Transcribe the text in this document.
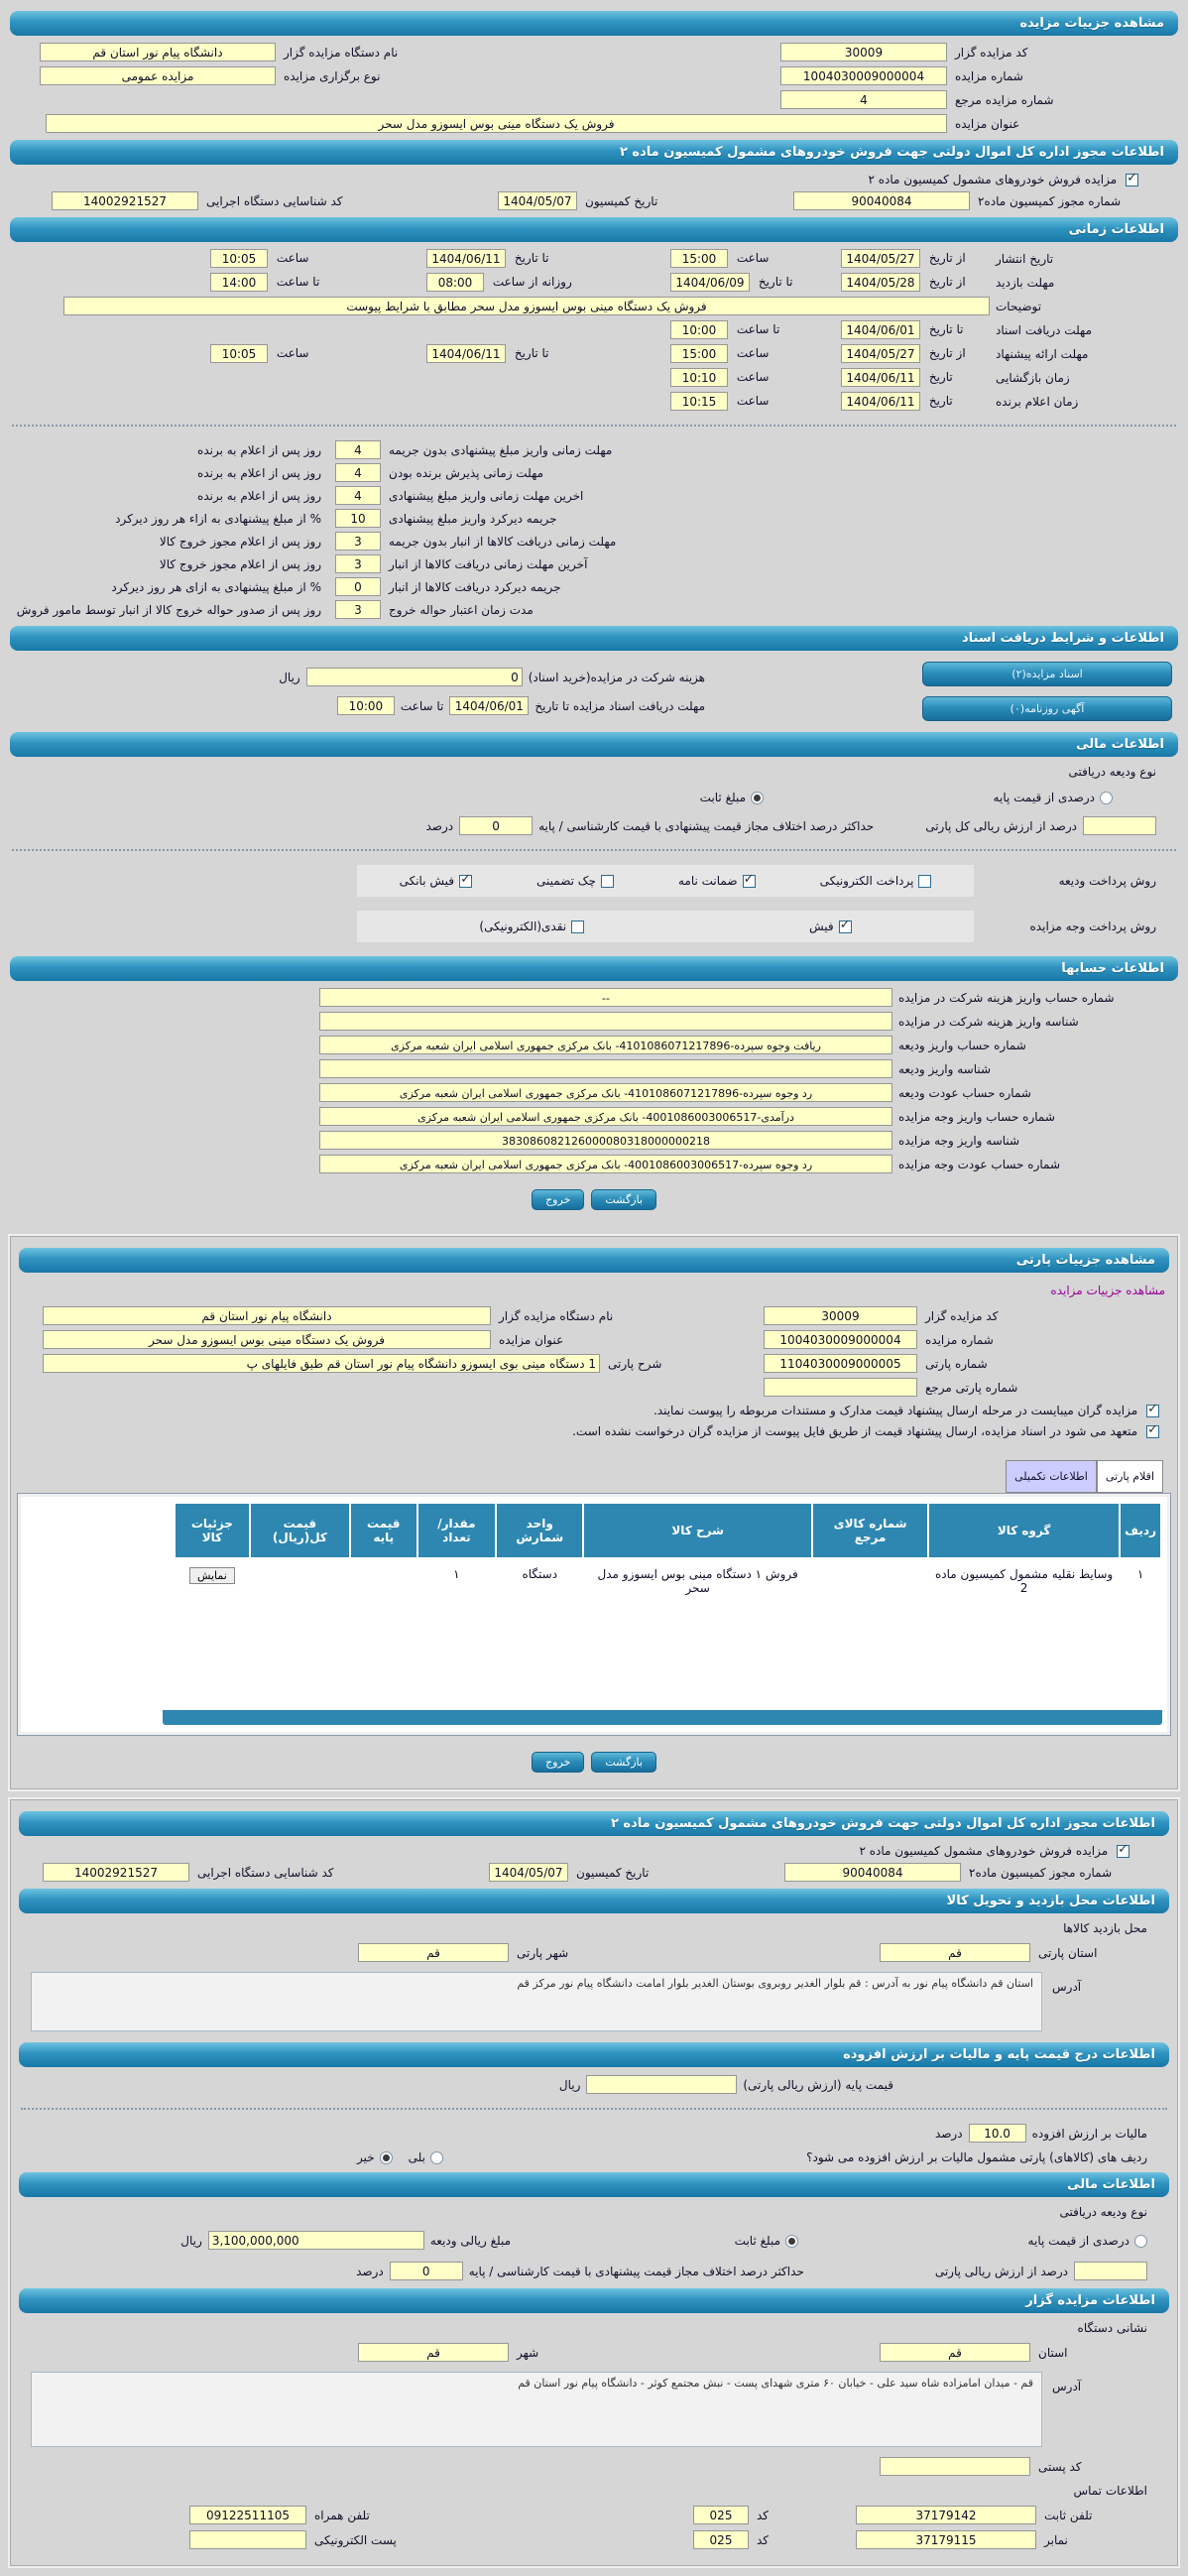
مشاهده جزییات مزایده
کد مزایده گزار
30009
نام دستگاه مزایده گزار
دانشگاه پیام نور استان قم
شماره مزایده
1004030009000004
نوع برگزاری مزایده
مزایده عمومی
شماره مزایده مرجع
4
عنوان مزایده
فروش یک دستگاه مینی بوس ایسوزو مدل سحر
اطلاعات مجوز اداره کل اموال دولتی جهت فروش خودروهای مشمول کمیسیون ماده ۲
✓ مزایده فروش خودروهای مشمول کمیسیون ماده ۲
شماره مجوز کمیسیون ماده۲
90040084
تاریخ کمیسیون
1404/05/07
کد شناسایی دستگاه اجرایی
14002921527
اطلاعات زمانی
تاریخ انتشار
از تاریخ 1404/05/27
ساعت 15:00
تا تاریخ 1404/06/11
ساعت 10:05
مهلت بازدید
از تاریخ 1404/05/28
تا تاریخ 1404/06/09
روزانه از ساعت 08:00
تا ساعت 14:00
توضیحات
فروش یک دستگاه مینی بوس ایسوزو مدل سحر مطابق با شرایط پیوست
مهلت دریافت اسناد
تا تاریخ 1404/06/01
تا ساعت 10:00
مهلت ارائه پیشنهاد
از تاریخ 1404/05/27
ساعت 15:00
تا تاریخ 1404/06/11
ساعت 10:05
زمان بازگشایی
تاریخ 1404/06/11
ساعت 10:10
زمان اعلام برنده
تاریخ 1404/06/11
ساعت 10:15
مهلت زمانی واریز مبلغ پیشنهادی بدون جریمه
4
روز پس از اعلام به برنده
مهلت زمانی پذیرش برنده بودن
4
روز پس از اعلام به برنده
اخرین مهلت زمانی واریز مبلغ پیشنهادی
4
روز پس از اعلام به برنده
جریمه دیرکرد واریز مبلغ پیشنهادی
10
% از مبلغ پیشنهادی به ازاء هر روز دیرکرد
مهلت زمانی دریافت کالاها از انبار بدون جریمه
3
روز پس از اعلام مجوز خروج کالا
آخرین مهلت زمانی دریافت کالاها از انبار
3
روز پس از اعلام مجوز خروج کالا
جریمه دیرکرد دریافت کالاها از انبار
0
% از مبلغ پیشنهادی به ازای هر روز دیرکرد
مدت زمان اعتبار حواله خروج
3
روز پس از صدور حواله خروج کالا از انبار توسط مامور فروش
اطلاعات و شرایط دریافت اسناد
اسناد مزایده(۲)
آگهی روزنامه(۰)
هزینه شرکت در مزایده(خرید اسناد)
0
ریال
مهلت دریافت اسناد مزایده تا تاریخ
1404/06/01
تا ساعت
10:00
اطلاعات مالی
نوع ودیعه دریافتی
درصدی از قیمت پایه
مبلغ ثابت
درصد از ارزش ریالی کل پارتی
حداکثر درصد اختلاف مجاز قیمت پیشنهادی با قیمت کارشناسی / پایه
0
درصد
روش پرداخت ودیعه
پرداخت الکترونیکی
✓ضمانت نامه
چک تضمینی
✓فیش بانکی
روش پرداخت وجه مزایده
✓فیش
نقدی(الکترونیکی)
اطلاعات حسابها
شماره حساب واریز هزینه شرکت در مزایده
--
شناسه واریز هزینه شرکت در مزایده
شماره حساب واریز ودیعه
ریافت وجوه سپرده-4101086071217896- بانک مرکزی جمهوری اسلامی ایران شعبه مرکزی
شناسه واریز ودیعه
شماره حساب عودت ودیعه
رد وجوه سپرده-4101086071217896- بانک مرکزی جمهوری اسلامی ایران شعبه مرکزی
شماره حساب واریز وجه مزایده
درآمدی-4001086003006517- بانک مرکزی جمهوری اسلامی ایران شعبه مرکزی
شناسه واریز وجه مزایده
383086082126000080318000000218
شماره حساب عودت وجه مزایده
رد وجوه سپرده-4001086003006517- بانک مرکزی جمهوری اسلامی ایران شعبه مرکزی
بازگشت
خروج
مشاهده جزییات پارتی
مشاهده جزییات مزایده
کد مزایده گزار
30009
نام دستگاه مزایده گزار
دانشگاه پیام نور استان قم
شماره مزایده
1004030009000004
عنوان مزایده
فروش یک دستگاه مینی بوس ایسوزو مدل سحر
شماره پارتی
1104030009000005
شرح پارتی
1 دستگاه مینی بوی ایسوزو دانشگاه پیام نور استان قم طبق فایلهای پ
شماره پارتی مرجع
✓ مزایده گران میبایست در مرحله ارسال پیشنهاد قیمت مدارک و مستندات مربوطه را پیوست نمایند.
✓ متعهد می شود در اسناد مزایده، ارسال پیشنهاد قیمت از طریق فایل پیوست از مزایده گران درخواست نشده است.
اقلام پارتی
اطلاعات تکمیلی
ردیف	گروه کالا	شماره کالای مرجع	شرح کالا	واحد شمارش	مقدار/ تعداد	قیمت پایه	قیمت کل(ریال)	جزئیات کالا
۱	وسایط نقلیه مشمول کمیسیون ماده 2		فروش ۱ دستگاه مینی بوس ایسوزو مدل سحر	دستگاه	۱			نمایش

بازگشت
خروج
اطلاعات مجوز اداره کل اموال دولتی جهت فروش خودروهای مشمول کمیسیون ماده ۲
✓ مزایده فروش خودروهای مشمول کمیسیون ماده ۲
شماره مجوز کمیسیون ماده۲
90040084
تاریخ کمیسیون
1404/05/07
کد شناسایی دستگاه اجرایی
14002921527
اطلاعات محل بازدید و تحویل کالا
محل بازدید کالاها
استان پارتی
قم
شهر پارتی
قم
آدرس
استان قم دانشگاه پیام نور به آدرس : قم بلوار الغدیر روبروی بوستان الغدیر بلوار امامت دانشگاه پیام نور مرکز قم
اطلاعات درج قیمت پایه و مالیات بر ارزش افزوده
قیمت پایه (ارزش ریالی پارتی)
ریال
مالیات بر ارزش افزوده
10.0
درصد
ردیف های (کالاهای) پارتی مشمول مالیات بر ارزش افزوده می شود؟
بلی
خیر
اطلاعات مالی
نوع ودیعه دریافتی
درصدی از قیمت پایه
مبلغ ثابت
مبلغ ریالی ودیعه
3,100,000,000
ریال
درصد از ارزش ریالی پارتی
حداکثر درصد اختلاف مجاز قیمت پیشنهادی با قیمت کارشناسی / پایه
0
درصد
اطلاعات مزایده گزار
نشانی دستگاه
استان
قم
شهر
قم
آدرس
قم - میدان امامزاده شاه سید علی - خیابان ۶۰ متری شهدای پست - نبش مجتمع کوثر - دانشگاه پیام نور استان قم
کد پستی
اطلاعات تماس
تلفن ثابت
37179142
کد
025
تلفن همراه
09122511105
نمابر
37179115
کد
025
پست الکترونیکی
